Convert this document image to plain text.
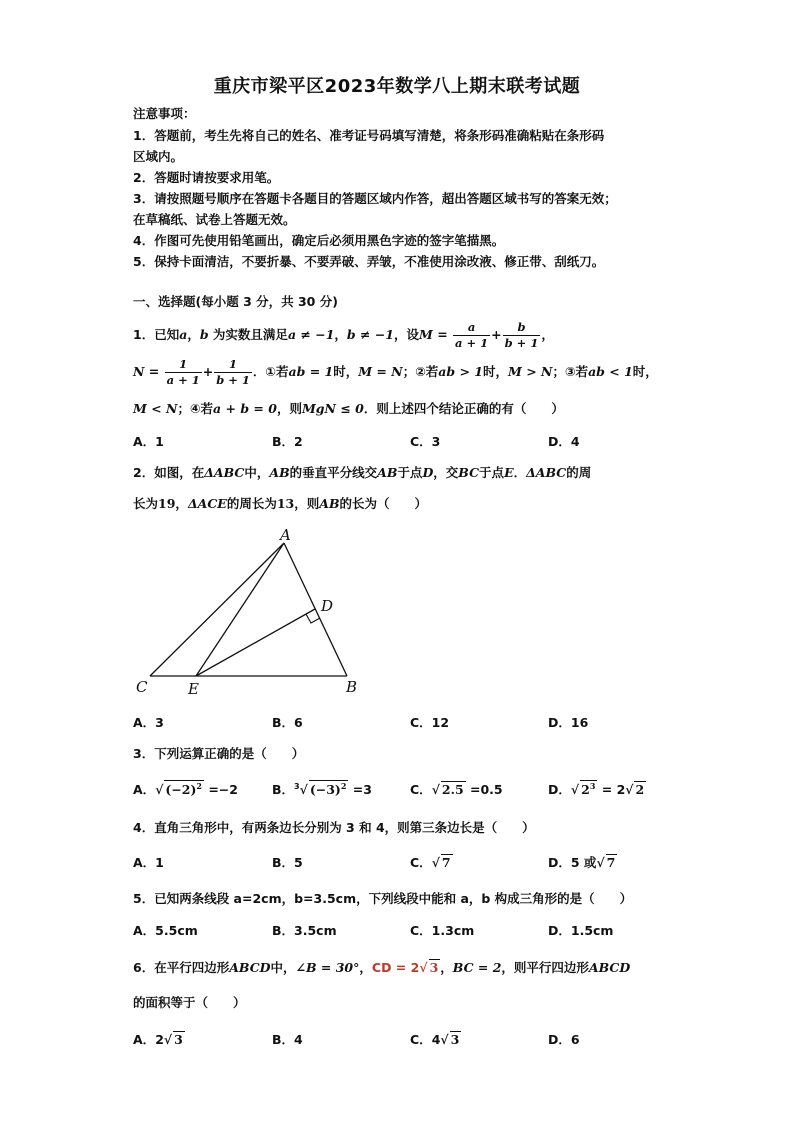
重庆市梁平区2023年数学八上期末联考试题
注意事项：
1．答题前，考生先将自己的姓名、准考证号码填写清楚，将条形码准确粘贴在条形码
区域内。
2．答题时请按要求用笔。
3．请按照题号顺序在答题卡各题目的答题区域内作答，超出答题区域书写的答案无效；
在草稿纸、试卷上答题无效。
4．作图可先使用铅笔画出，确定后必须用黑色字迹的签字笔描黑。
5．保持卡面清洁，不要折暴、不要弄破、弄皱，不准使用涂改液、修正带、刮纸刀。
一、选择题(每小题 3 分，共 30 分)
1．已知a，b 为实数且满足a ≠ −1，b ≠ −1，设$M = \frac{a}{a + 1} + \frac{b}{b + 1}$ ，
$N = \frac{1}{a + 1} + \frac{1}{b + 1}$ ．①若ab = 1时，M = N；②若ab > 1时，M > N；③若ab < 1时，
M < N；④若a + b = 0，则MgN ≤ 0．则上述四个结论正确的有（　　）
A．1	B．2	C．3	D．4
2．如图，在ΔABC中，AB的垂直平分线交AB于点D，交BC于点E．ΔABC的周
长为19，ΔACE的周长为13，则AB的长为（　　）
A
D
C	E	B
A．3	B．6	C．12	D．16
3．下列运算正确的是（　　）
A．√ $(-2)^2 =-2$	B．$^3$√ $(-3)^2 =3$	C．√ 2.5 =0.5	D．√ $2^3 = 2√$ 2
4．直角三角形中，有两条边长分别为 3 和 4，则第三条边长是（　　）
A．1	B．5	C．√ 7	D．5 或√ 7
5．已知两条线段 a=2cm，b=3.5cm，下列线段中能和 a，b 构成三角形的是（　　）
A．5.5cm	B．3.5cm	C．1.3cm	D．1.5cm
6．在平行四边形ABCD中，∠B = 30°，CD = 2√ 3 ，BC = 2，则平行四边形ABCD
的面积等于（　　）
A．2√ 3	B．4	C．4√ 3	D．6
